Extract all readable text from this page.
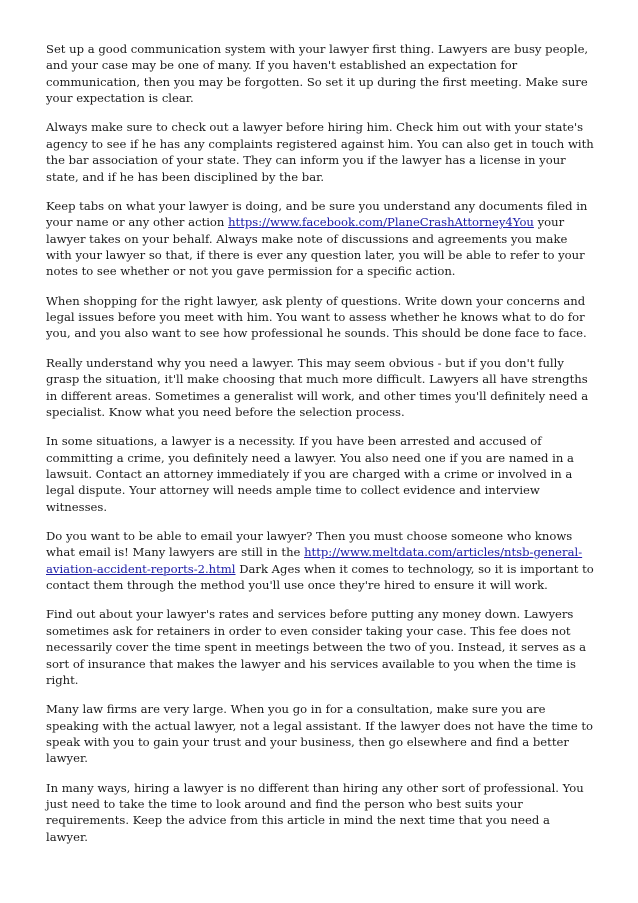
Set up a good communication system with your lawyer first thing. Lawyers are busy people, and your case may be one of many. If you haven't established an expectation for communication, then you may be forgotten. So set it up during the first meeting. Make sure your expectation is clear.

Always make sure to check out a lawyer before hiring him. Check him out with your state's agency to see if he has any complaints registered against him. You can also get in touch with the bar association of your state. They can inform you if the lawyer has a license in your state, and if he has been disciplined by the bar.

Keep tabs on what your lawyer is doing, and be sure you understand any documents filed in your name or any other action https://www.facebook.com/PlaneCrashAttorney4You your lawyer takes on your behalf. Always make note of discussions and agreements you make with your lawyer so that, if there is ever any question later, you will be able to refer to your notes to see whether or not you gave permission for a specific action.

When shopping for the right lawyer, ask plenty of questions. Write down your concerns and legal issues before you meet with him. You want to assess whether he knows what to do for you, and you also want to see how professional he sounds. This should be done face to face.

Really understand why you need a lawyer. This may seem obvious - but if you don't fully grasp the situation, it'll make choosing that much more difficult. Lawyers all have strengths in different areas. Sometimes a generalist will work, and other times you'll definitely need a specialist. Know what you need before the selection process.

In some situations, a lawyer is a necessity. If you have been arrested and accused of committing a crime, you definitely need a lawyer. You also need one if you are named in a lawsuit. Contact an attorney immediately if you are charged with a crime or involved in a legal dispute. Your attorney will needs ample time to collect evidence and interview witnesses.

Do you want to be able to email your lawyer? Then you must choose someone who knows what email is! Many lawyers are still in the http://www.meltdata.com/articles/ntsb-general-aviation-accident-reports-2.html Dark Ages when it comes to technology, so it is important to contact them through the method you'll use once they're hired to ensure it will work.

Find out about your lawyer's rates and services before putting any money down. Lawyers sometimes ask for retainers in order to even consider taking your case. This fee does not necessarily cover the time spent in meetings between the two of you. Instead, it serves as a sort of insurance that makes the lawyer and his services available to you when the time is right.

Many law firms are very large. When you go in for a consultation, make sure you are speaking with the actual lawyer, not a legal assistant. If the lawyer does not have the time to speak with you to gain your trust and your business, then go elsewhere and find a better lawyer.

In many ways, hiring a lawyer is no different than hiring any other sort of professional. You just need to take the time to look around and find the person who best suits your requirements. Keep the advice from this article in mind the next time that you need a lawyer.
